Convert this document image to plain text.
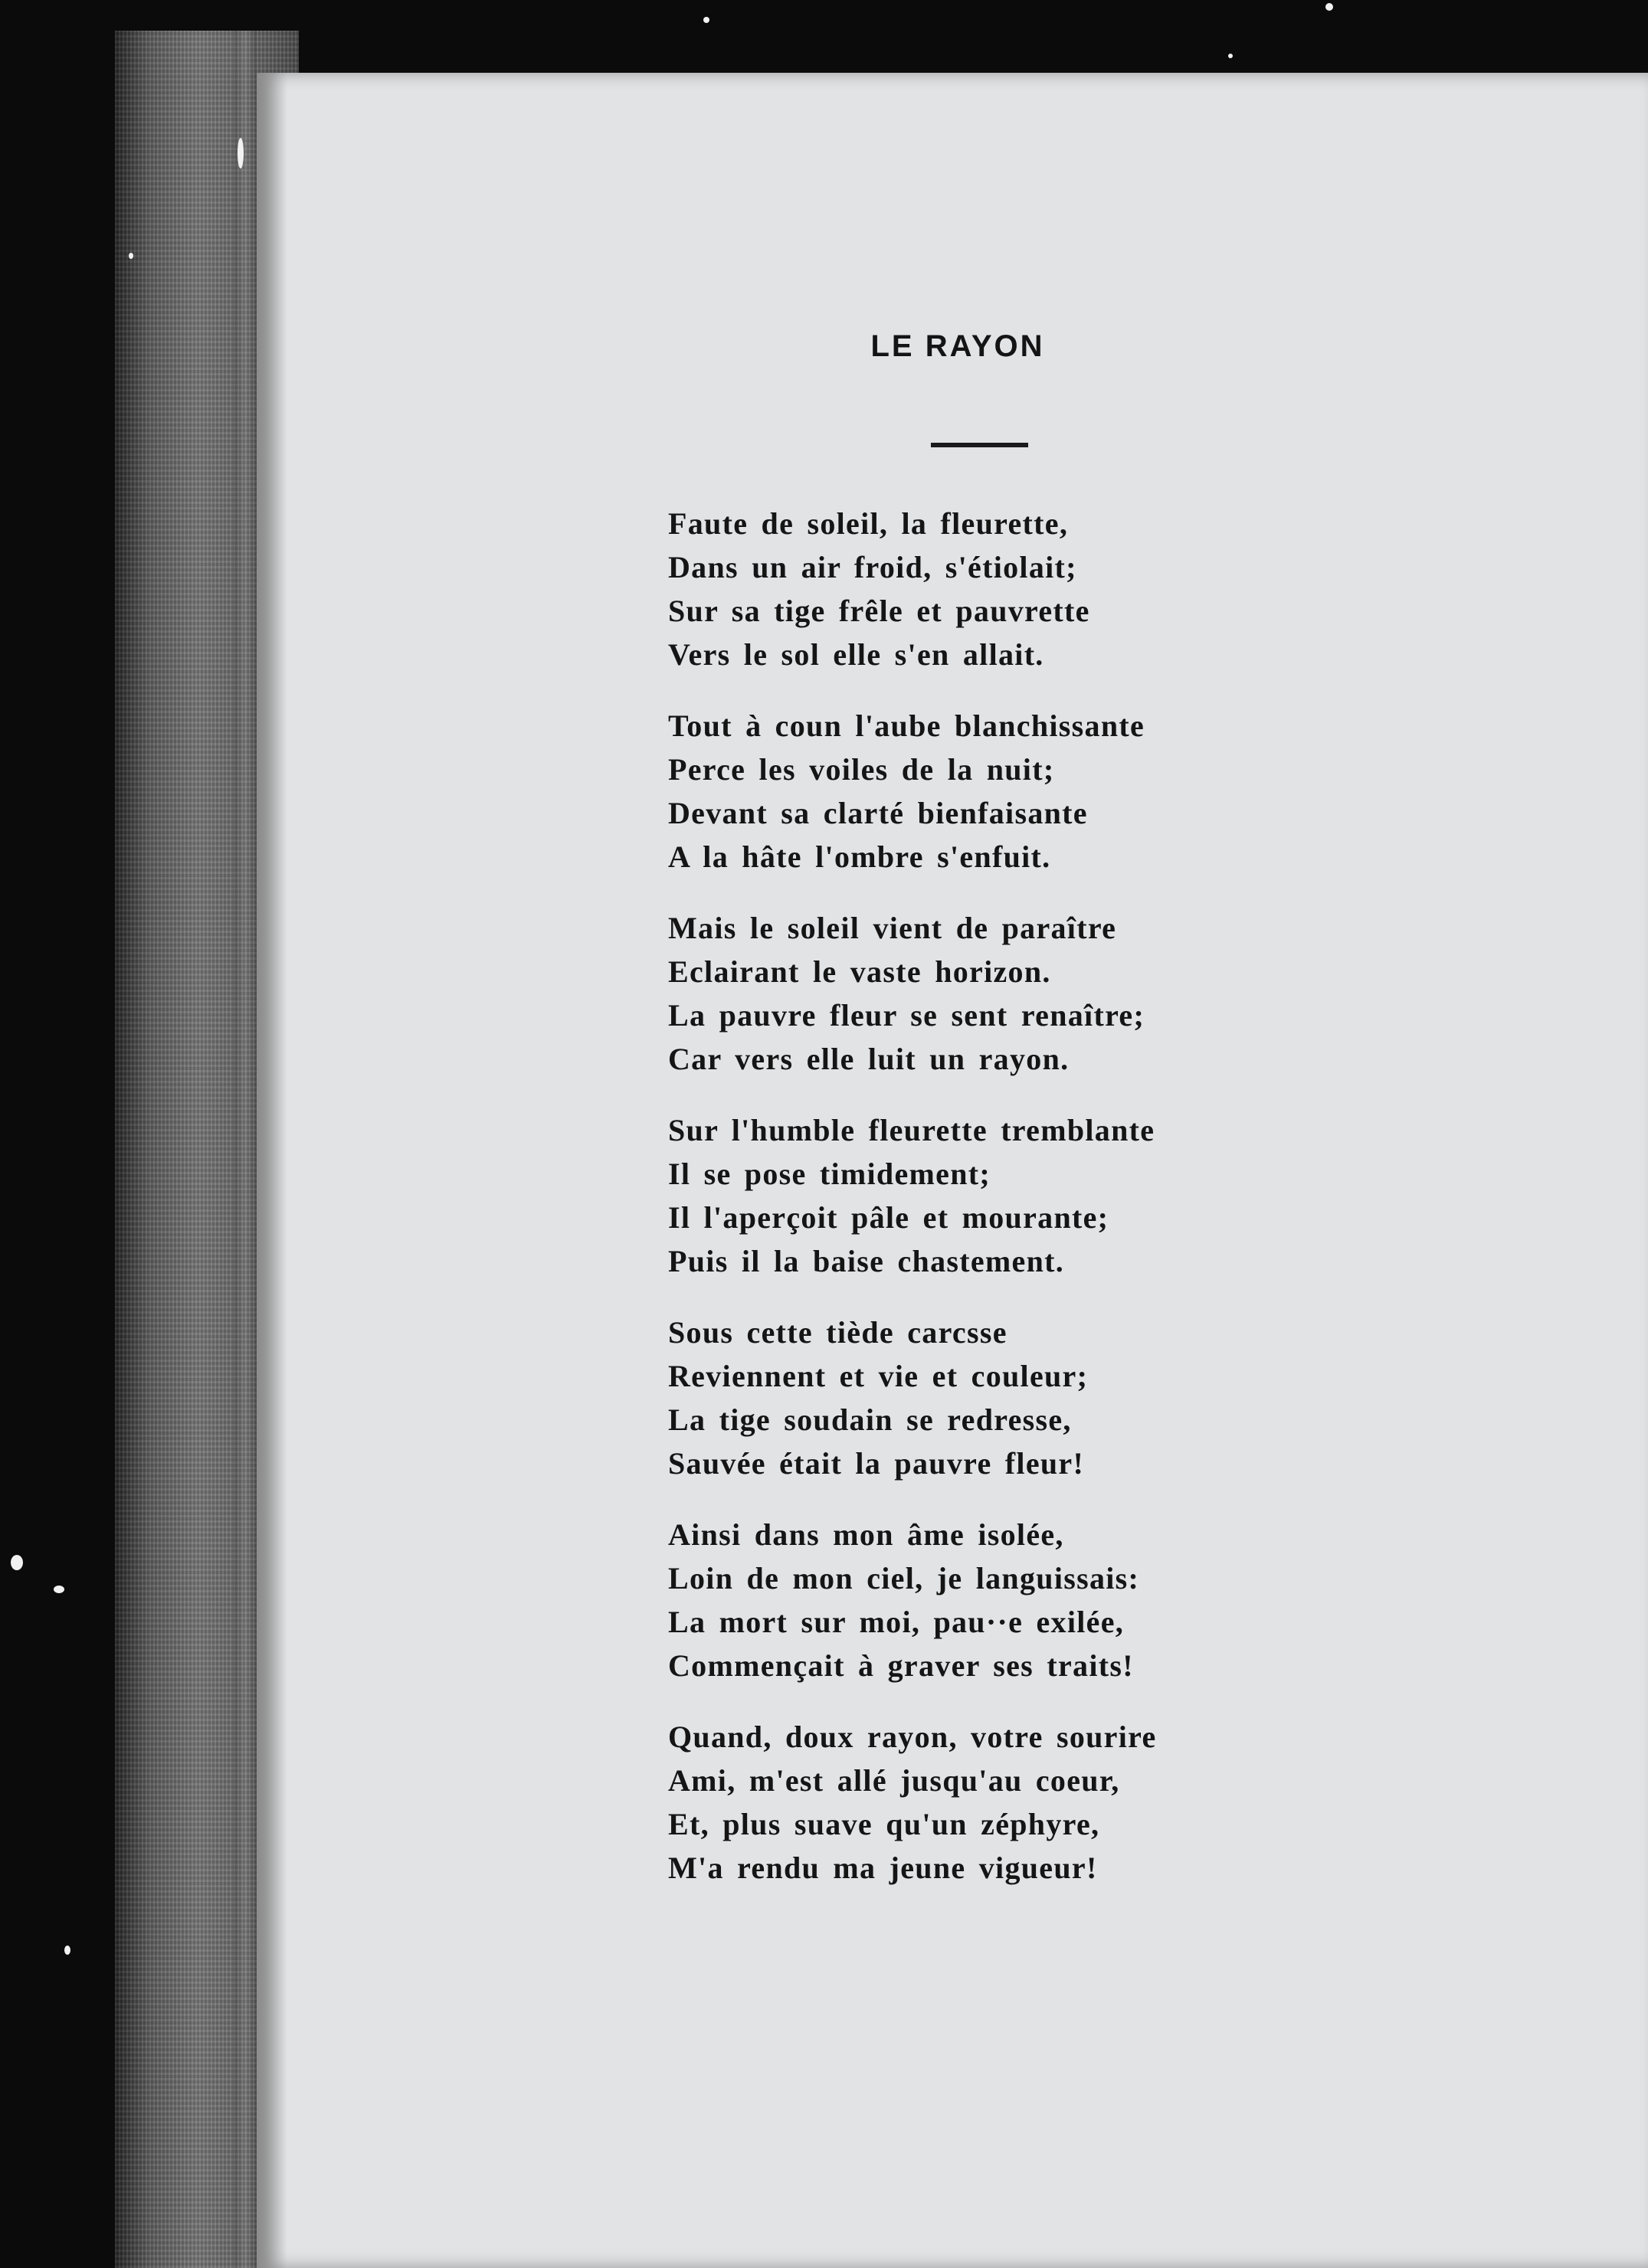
LE RAYON
Faute de soleil, la fleurette,
Dans un air froid, s'étiolait;
Sur sa tige frêle et pauvrette
Vers le sol elle s'en allait.
Tout à coun l'aube blanchissante
Perce les voiles de la nuit;
Devant sa clarté bienfaisante
A la hâte l'ombre s'enfuit.
Mais le soleil vient de paraître
Eclairant le vaste horizon.
La pauvre fleur se sent renaître;
Car vers elle luit un rayon.
Sur l'humble fleurette tremblante
Il se pose timidement;
Il l'aperçoit pâle et mourante;
Puis il la baise chastement.
Sous cette tiède carcsse
Reviennent et vie et couleur;
La tige soudain se redresse,
Sauvée était la pauvre fleur!
Ainsi dans mon âme isolée,
Loin de mon ciel, je languissais:
La mort sur moi, pau··e exilée,
Commençait à graver ses traits!
Quand, doux rayon, votre sourire
Ami, m'est allé jusqu'au coeur,
Et, plus suave qu'un zéphyre,
M'a rendu ma jeune vigueur!
